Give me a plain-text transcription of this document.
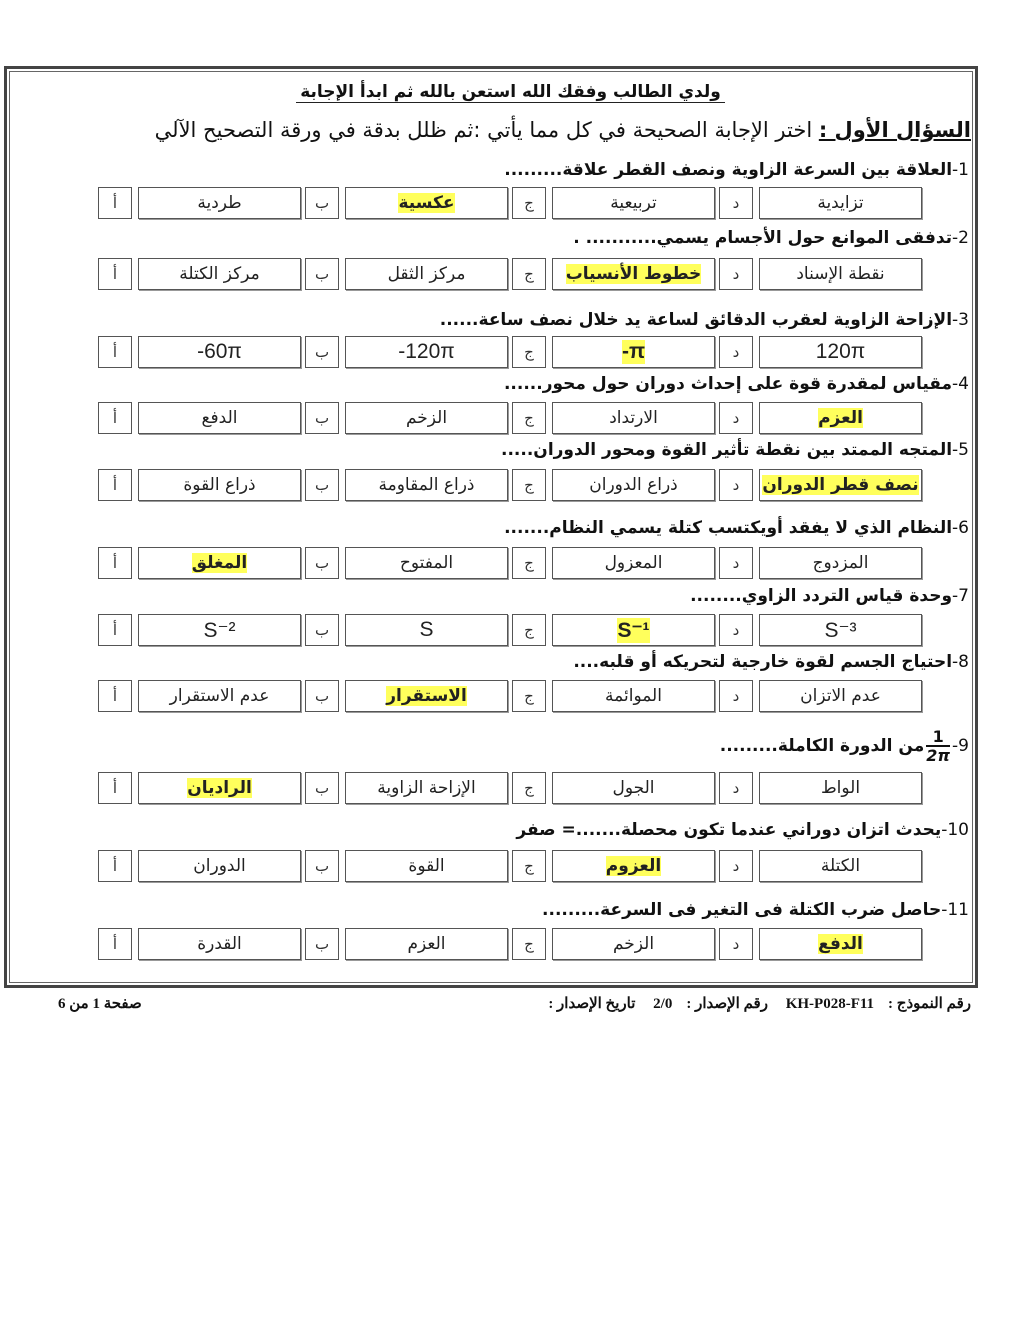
ولدي الطالب وفقك الله استعن بالله ثم ابدأ الإجابة
السؤال الأول : اختر الإجابة الصحيحة في كل مما يأتي :ثم ظلل بدقة في ورقة التصحيح الآلي
1-العلاقة بين السرعة الزاوية ونصف القطر علاقة.........
أ	طردية	ب	عكسية	ج	تربيعية	د	تزايدية
2-تدفقى الموانع حول الأجسام يسمي........... .
أ	مركز الكتلة	ب	مركز الثقل	ج	خطوط الأنسياب	د	نقطة الإسناد
3-الإزاحة الزاوية لعقرب الدقائق لساعة يد خلال نصف ساعة......
أ	-60π	ب	-120π	ج	-π	د	120π
4-مقياس لمقدرة قوة على إحداث دوران حول محور......
أ	الدفع	ب	الزخم	ج	الارتداد	د	العزم
5-المتجه الممتد بين نقطة تأثير القوة ومحور الدوران.....
أ	ذراع القوة	ب	ذراع المقاومة	ج	ذراع الدوران	د	نصف قطر الدوران
6-النظام الذي لا يفقد أويكتسب كتلة يسمي النظام.......
أ	المغلق	ب	المفتوح	ج	المعزول	د	المزدوج
7-وحدة قياس التردد الزاوي........
أ	S⁻²	ب	S	ج	S⁻¹	د	S⁻³
8-احتياج الجسم لقوة خارجية لتحريكه أو قلبه....
أ	عدم الاستقرار	ب	الاستقرار	ج	الموائمة	د	عدم الاتزان
9-
$\frac{1}{2\pi}$
من الدورة الكاملة.........
أ	الراديان	ب	الإزاحة الزاوية	ج	الجول	د	الواط
10-يحدث اتزان دوراني عندما تكون محصلة.......= صفر
أ	الدوران	ب	القوة	ج	العزوم	د	الكتلة
11-حاصل ضرب الكتلة فى التغير فى السرعة.........
أ	القدرة	ب	العزم	ج	الزخم	د	الدفع
رقم النموذج :KH-P028-F11 رقم الإصدار :2/0 تاريخ الإصدار :
صفحة 1 من 6
